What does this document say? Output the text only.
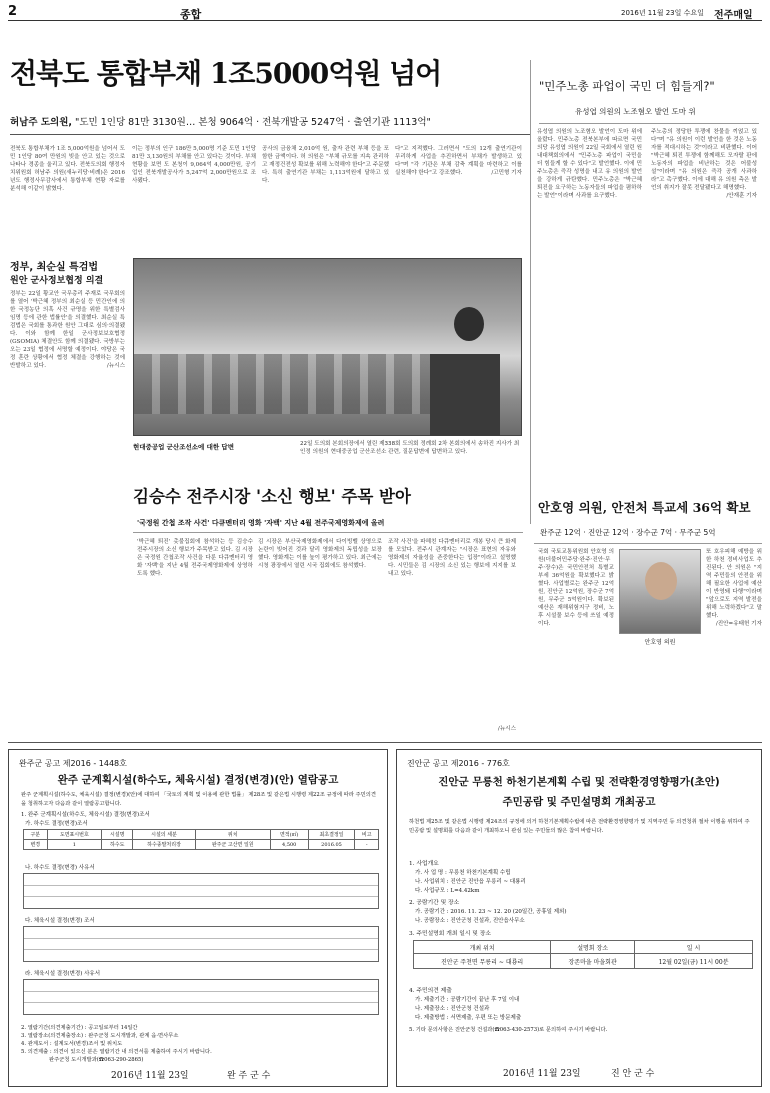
2	종합	2016년 11월 23일 수요일 전주매일
전북도 통합부채 1조5000억원 넘어
허남주 도의원, "도민 1인당 81만 3130원… 본청 9064억 · 전북개발공 5247억 · 출연기관 1113억"
전북도 통합부채가 1조 5,000억원을 넘어서 도민 1인당 80여 만원의 빚을 안고 있는 것으로 나타나 경종을 울리고 있다. 전북도의회 행정자치위원회 허남주 의원(새누리당·비례)은 2016년도 행정사무감사에서 통합부채 현황 자료를 분석해 이같이 밝혔다.
이는 정부의 인구 186만 5,000명 기준 도민 1인당 81만 3,130원의 부채를 안고 있다는 것이다. 부채현황을 보면 도 본청이 9,064억 4,000만원, 공기업인 전북개발공사가 5,247억 2,000만원으로 조사됐다.
공사의 금융채 2,010억 원, 출자 관련 부채 등을 포함한 금액이다. 허 의원은 "부채 규모를 지속 관리하고 재정건전성 확보를 위해 노력해야 한다"고 주문했다. 특히 출연기관 부채는 1,113억원에 달하고 있다.
다"고 지적했다. 그러면서 "도의 12개 출연기관이 무리하게 사업을 추진하면서 부채가 발생하고 있다"며 "각 기관은 부채 감축 계획을 마련하고 이를 실천해야 한다"고 강조했다.	/고민형 기자
정부, 최순실 특검법
원안 군사정보협정 의결
정부는 22일 황교안 국무총리 주재로 국무회의를 열어 '박근혜 정부의 최순실 등 민간인에 의한 국정농단 의혹 사건 규명을 위한 특별검사 임명 등에 관한 법률안'을 의결했다. 최순실 특검법은 국회를 통과한 원안 그대로 심의·의결됐다. 이와 함께 한일 군사정보보호협정(GSOMIA) 체결안도 함께 의결됐다. 국방부는 오는 23일 협정에 서명할 예정이다. 야당은 국정 혼란 상황에서 협정 체결을 강행하는 것에 반발하고 있다.	/뉴시스
현대중공업 군산조선소에 대한 답변	22일 도의회 본회의장에서 열린 제338회 도의회 정례회 2차 본회의에서 송하진 지사가 최인정 의원의 현대중공업 군산조선소 관련, 질문답변에 답변하고 있다.
"민주노총 파업이 국민 더 힘들게?"
유성엽 의원의 노조혐오 발언 도마 위
유성엽 의원의 노조혐오 발언이 도마 위에 올랐다. 민주노총 전북본부에 따르면 국민의당 유성엽 의원이 22일 국회에서 열린 원내대책회의에서 "민주노총 파업이 국민을 더 힘들게 할 수 있다"고 발언했다. 이에 민주노총은 즉각 성명을 내고 유 의원의 발언을 강하게 규탄했다. 민주노총은 "박근혜 퇴진을 요구하는 노동자들의 파업을 폄하하는 발언"이라며 사과를 요구했다.
주노총의 정당한 투쟁에 찬물을 끼얹고 있다"며 "유 의원이 이런 발언을 한 것은 노동자를 적대시하는 것"이라고 비판했다. 이어 "박근혜 퇴진 투쟁에 함께해도 모자랄 판에 노동자의 파업을 비난하는 것은 어불성설"이라며 "유 의원은 즉각 공개 사과하라"고 촉구했다. 이에 대해 유 의원 측은 발언의 취지가 잘못 전달됐다고 해명했다.
/안재훈 기자
김승수 전주시장 '소신 행보' 주목 받아
'국정원 간첩 조작 사건' 다큐멘터리 영화 '자백' 지난 4월 전주국제영화제에 올려
'박근혜 퇴진' 촛불집회에 참석하는 등 김승수 전주시장의 소신 행보가 주목받고 있다. 김 시장은 국정원 간첩조작 사건을 다룬 다큐멘터리 영화 '자백'을 지난 4월 전주국제영화제에 상영하도록 했다.
김 시장은 부산국제영화제에서 다이빙벨 상영으로 논란이 빚어진 것과 달리 영화제의 독립성을 보장했다. 영화계는 이를 높이 평가하고 있다. 최근에는 시청 광장에서 열린 시국 집회에도 참석했다.
조작 사건'을 파헤친 다큐멘터리로 개봉 당시 큰 화제를 모았다. 전주시 관계자는 "시장은 표현의 자유와 영화제의 자율성을 존중한다는 입장"이라고 설명했다. 시민들은 김 시장의 소신 있는 행보에 지지를 보내고 있다.
/뉴시스
안호영 의원, 안전처 특교세 36억 확보
완주군 12억 · 진안군 12억 · 장수군 7억 · 무주군 5억
국회 국토교통위원회 안호영 의원(더불어민주당·완주·진안·무주·장수)은 국민안전처 특별교부세 36억원을 확보했다고 밝혔다. 사업별로는 완주군 12억원, 진안군 12억원, 장수군 7억원, 무주군 5억원이다. 확보된 예산은 재해위험지구 정비, 노후 시설물 보수 등에 쓰일 예정이다.
안호영 의원
또 호우피해 예방을 위한 하천 정비사업도 추진된다. 안 의원은 "지역 주민들의 안전을 위해 필요한 사업에 예산이 반영돼 다행"이라며 "앞으로도 지역 발전을 위해 노력하겠다"고 말했다.
/진안=유태헌 기자
완주군 공고 제2016 - 1448호
완주 군계획시설(하수도, 체육시설) 결정(변경)(안) 열람공고
완주 군계획시설(하수도, 체육시설) 결정(변경)(안)에 대하여 「국토의 계획 및 이용에 관한 법률」 제28조 및 같은법 시행령 제22조 규정에 따라 주민의견을 청취하고자 다음과 같이 열람공고합니다.
1. 완주 군계획시설(하수도, 체육시설) 결정(변경)조서
가. 하수도 결정(변경)조서
구분	도면표시번호	시설명	시설의 세분	위치	면적(㎡)	최초결정일	비고
변경	1	하수도	하수종말처리장	완주군 고산면 일원	4,500	2016.05	-
나. 하수도 결정(변경) 사유서
다. 체육시설 결정(변경) 조서
라. 체육시설 결정(변경) 사유서
2. 열람기간(의견제출기간) : 공고일로부터 14일간
3. 열람장소(의견제출장소) : 완주군청 도시개발과, 관계 읍·면사무소
4. 관계도서 : 설계도서(변경)조서 및 위치도
5. 의견제출 : 의견이 있으신 분은 열람기간 내 의견서를 제출하여 주시기 바랍니다.
완주군청 도시개발과(☎063-290-2865)
2016년 11월 23일	완 주 군 수
진안군 공고 제2016 - 776호
진안군 무릉천 하천기본계획 수립 및 전략환경영향평가(초안)
주민공람 및 주민설명회 개최공고
하천법 제25조 및 같은법 시행령 제24조의 규정에 의거 하천기본계획수립에 따른 전략환경영향평가 및 지역주민 등 의견청취 절차 이행을 위하여 주민공람 및 설명회를 다음과 같이 개최하오니 관심 있는 주민들의 많은 참여 바랍니다.
1. 사업개요
가. 사 업 명 : 무릉천 하천기본계획 수립
나. 사업위치 : 진안군 진안읍 무릉리 ~ 대룡리
다. 사업규모 : L=4.42km
2. 공람기간 및 장소
가. 공람기간 : 2016. 11. 23 ~ 12. 20 (20일간, 공휴일 제외)
나. 공람장소 : 진안군청 건설과, 진안읍사무소
3. 주민설명회 개최 일시 및 장소
개최 위치	설명회 장소	일 시
진안군 주천면 무릉리 ~ 대룡리	장존마을 마을회관	12월 02일(금) 11시 00분
4. 주민의견 제출
가. 제출기간 : 공람기간이 끝난 후 7일 이내
나. 제출장소 : 진안군청 건설과
다. 제출방법 : 서면제출, 우편 또는 방문제출
5. 기타 문의사항은 진안군청 건설과(☎063-430-2573)로 문의하여 주시기 바랍니다.
2016년 11월 23일	진 안 군 수
